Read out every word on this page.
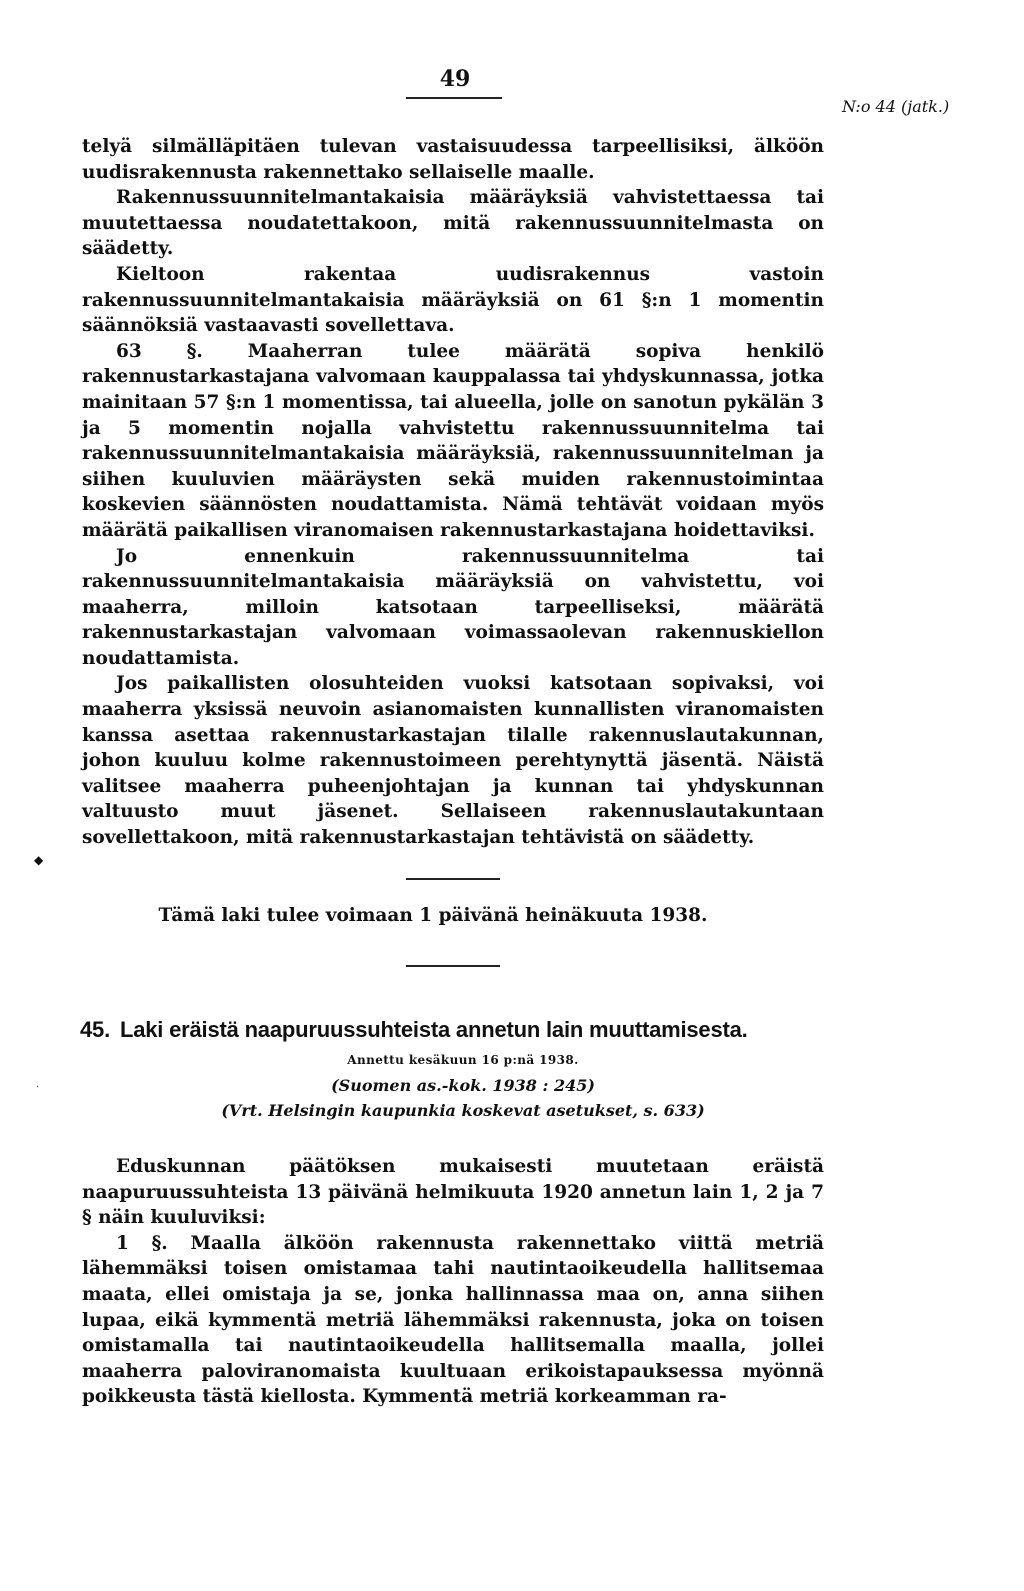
49
N:o 44 (jatk.)

telyä silmälläpitäen tulevan vastaisuudessa tarpeellisiksi, älköön uudisrakennusta rakennettako sellaiselle maalle.

Rakennussuunnitelmantakaisia määräyksiä vahvistettaessa tai muutettaessa noudatettakoon, mitä rakennussuunnitelmasta on säädetty.

Kieltoon rakentaa uudisrakennus vastoin rakennussuunnitelmantakaisia määräyksiä on 61 §:n 1 momentin säännöksiä vastaavasti sovellettava.

63 §. Maaherran tulee määrätä sopiva henkilö rakennustarkastajana valvomaan kauppalassa tai yhdyskunnassa, jotka mainitaan 57 §:n 1 momentissa, tai alueella, jolle on sanotun pykälän 3 ja 5 momentin nojalla vahvistettu rakennussuunnitelma tai rakennussuunnitelmantakaisia määräyksiä, rakennussuunnitelman ja siihen kuuluvien määräysten sekä muiden rakennustoimintaa koskevien säännösten noudattamista. Nämä tehtävät voidaan myös määrätä paikallisen viranomaisen rakennustarkastajana hoidettaviksi.

Jo ennenkuin rakennussuunnitelma tai rakennussuunnitelmantakaisia määräyksiä on vahvistettu, voi maaherra, milloin katsotaan tarpeelliseksi, määrätä rakennustarkastajan valvomaan voimassaolevan rakennuskiellon noudattamista.

Jos paikallisten olosuhteiden vuoksi katsotaan sopivaksi, voi maaherra yksissä neuvoin asianomaisten kunnallisten viranomaisten kanssa asettaa rakennustarkastajan tilalle rakennuslautakunnan, johon kuuluu kolme rakennustoimeen perehtynyttä jäsentä. Näistä valitsee maaherra puheenjohtajan ja kunnan tai yhdyskunnan valtuusto muut jäsenet. Sellaiseen rakennuslautakuntaan sovellettakoon, mitä rakennustarkastajan tehtävistä on säädetty.

◆
Tämä laki tulee voimaan 1 päivänä heinäkuuta 1938.
45. Laki eräistä naapuruussuhteista annetun lain muuttamisesta.
Annettu kesäkuun 16 p:nä 1938.
(Suomen as.-kok. 1938 : 245)
(Vrt. Helsingin kaupunkia koskevat asetukset, s. 633)
·

Eduskunnan päätöksen mukaisesti muutetaan eräistä naapuruussuhteista 13 päivänä helmikuuta 1920 annetun lain 1, 2 ja 7 § näin kuuluviksi:

1 §. Maalla älköön rakennusta rakennettako viittä metriä lähemmäksi toisen omistamaa tahi nautintaoikeudella hallitsemaa maata, ellei omistaja ja se, jonka hallinnassa maa on, anna siihen lupaa, eikä kymmentä metriä lähemmäksi rakennusta, joka on toisen omistamalla tai nautintaoikeudella hallitsemalla maalla, jollei maaherra paloviranomaista kuultuaan erikoistapauksessa myönnä poikkeusta tästä kiellosta. Kymmentä metriä korkeamman ra-
